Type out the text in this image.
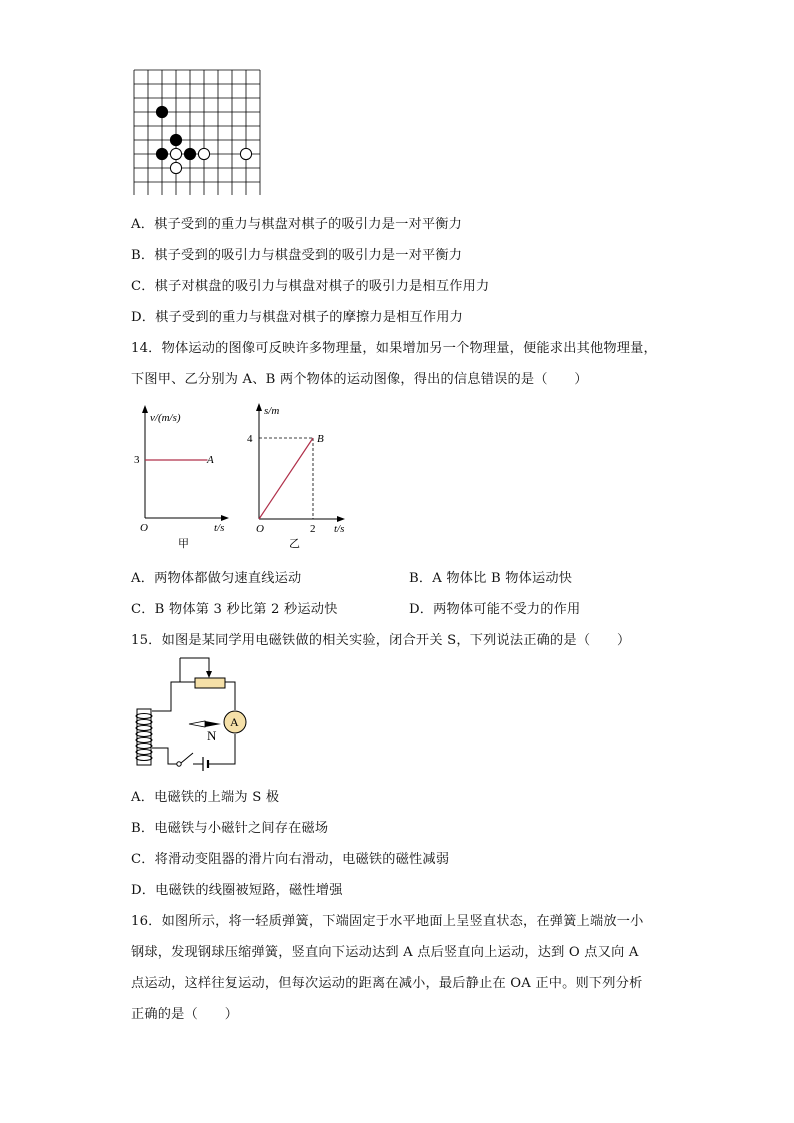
A．棋子受到的重力与棋盘对棋子的吸引力是一对平衡力
B．棋子受到的吸引力与棋盘受到的吸引力是一对平衡力
C．棋子对棋盘的吸引力与棋盘对棋子的吸引力是相互作用力
D．棋子受到的重力与棋盘对棋子的摩擦力是相互作用力
14．物体运动的图像可反映许多物理量，如果增加另一个物理量，便能求出其他物理量，
下图甲、乙分别为 A、B 两个物体的运动图像，得出的信息错误的是（　　）
v/(m/s)
3	A
O	t/s
甲
s/m
4	B
O	2 t/s
乙
A．两物体都做匀速直线运动	B．A 物体比 B 物体运动快
C．B 物体第 3 秒比第 2 秒运动快	D．两物体可能不受力的作用
15．如图是某同学用电磁铁做的相关实验，闭合开关 S，下列说法正确的是（　　）
A
N
A．电磁铁的上端为 S 极
B．电磁铁与小磁针之间存在磁场
C．将滑动变阻器的滑片向右滑动，电磁铁的磁性减弱
D．电磁铁的线圈被短路，磁性增强
16．如图所示，将一轻质弹簧，下端固定于水平地面上呈竖直状态，在弹簧上端放一小
钢球，发现钢球压缩弹簧，竖直向下运动达到 A 点后竖直向上运动，达到 O 点又向 A
点运动，这样往复运动，但每次运动的距离在减小，最后静止在 OA 正中。则下列分析
正确的是（　　）
